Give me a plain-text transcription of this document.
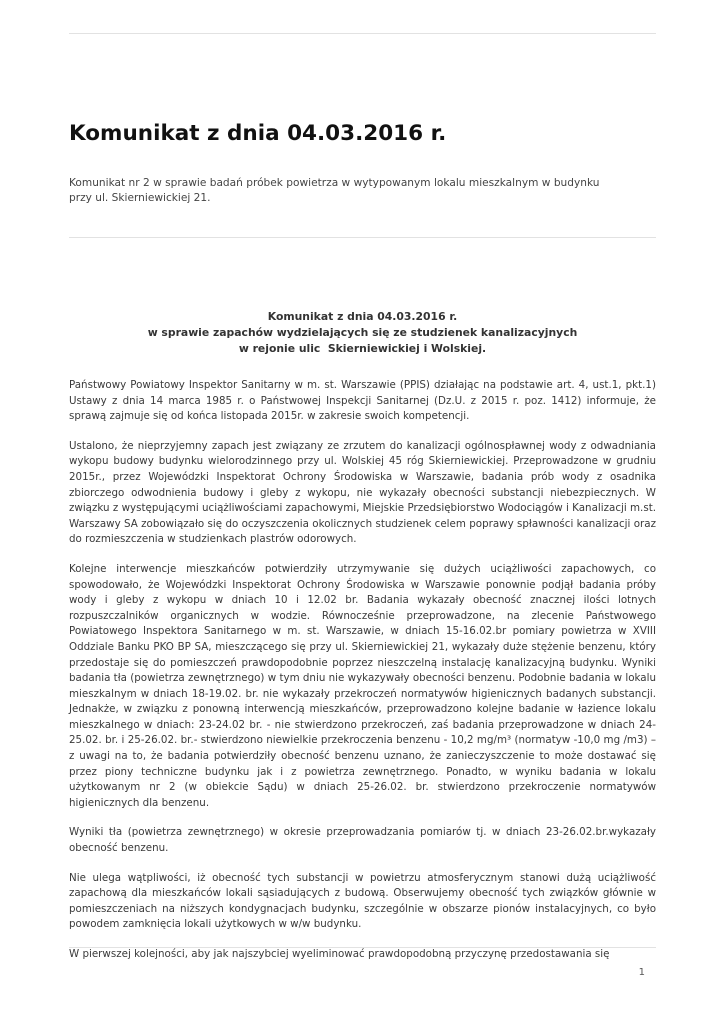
Komunikat z dnia 04.03.2016 r.

Komunikat nr 2 w sprawie badań próbek powietrza w wytypowanym lokalu mieszkalnym w budynku przy ul. Skierniewickiej 21.

Komunikat z dnia 04.03.2016 r.
w sprawie zapachów wydzielających się ze studzienek kanalizacyjnych
w rejonie ulic  Skierniewickiej i Wolskiej.

Państwowy Powiatowy Inspektor Sanitarny w m. st. Warszawie (PPIS) działając na podstawie art. 4, ust.1, pkt.1) Ustawy z dnia 14 marca 1985 r. o Państwowej Inspekcji Sanitarnej (Dz.U. z 2015 r. poz. 1412) informuje, że sprawą zajmuje się od końca listopada 2015r. w zakresie swoich kompetencji.

Ustalono, że nieprzyjemny zapach jest związany ze zrzutem do kanalizacji ogólnospławnej wody z odwadniania wykopu budowy budynku wielorodzinnego przy ul. Wolskiej 45 róg Skierniewickiej. Przeprowadzone w grudniu 2015r., przez Wojewódzki Inspektorat Ochrony Środowiska w Warszawie, badania prób wody z osadnika zbiorczego odwodnienia budowy i gleby z wykopu, nie wykazały obecności substancji niebezpiecznych. W związku z występującymi uciążliwościami zapachowymi, Miejskie Przedsiębiorstwo Wodociągów i Kanalizacji m.st. Warszawy SA zobowiązało się do oczyszczenia okolicznych studzienek celem poprawy spławności kanalizacji oraz do rozmieszczenia w studzienkach plastrów odorowych.

Kolejne interwencje mieszkańców potwierdziły utrzymywanie się dużych uciążliwości zapachowych, co spowodowało, że Wojewódzki Inspektorat Ochrony Środowiska w Warszawie ponownie podjął badania próby wody i gleby z wykopu w dniach 10 i 12.02 br. Badania wykazały obecność znacznej ilości lotnych rozpuszczalników organicznych w wodzie. Równocześnie przeprowadzone, na zlecenie Państwowego Powiatowego Inspektora Sanitarnego w m. st. Warszawie, w dniach 15-16.02.br pomiary powietrza w XVIII Oddziale Banku PKO BP SA, mieszczącego się przy ul. Skierniewickiej 21, wykazały duże stężenie benzenu, który przedostaje się do pomieszczeń prawdopodobnie poprzez nieszczelną instalację kanalizacyjną budynku. Wyniki badania tła (powietrza zewnętrznego) w tym dniu nie wykazywały obecności benzenu. Podobnie badania w lokalu mieszkalnym w dniach 18-19.02. br. nie wykazały przekroczeń normatywów higienicznych badanych substancji. Jednakże, w związku z ponowną interwencją mieszkańców, przeprowadzono kolejne badanie w łazience lokalu mieszkalnego w dniach: 23-24.02 br. - nie stwierdzono przekroczeń, zaś badania przeprowadzone w dniach 24-25.02. br. i 25-26.02. br.- stwierdzono niewielkie przekroczenia benzenu - 10,2 mg/m³ (normatyw -10,0 mg /m3) – z uwagi na to, że badania potwierdziły obecność benzenu uznano, że zanieczyszczenie to może dostawać się przez piony techniczne budynku jak i z powietrza zewnętrznego. Ponadto, w wyniku badania w lokalu użytkowanym nr 2 (w obiekcie Sądu) w dniach 25-26.02. br. stwierdzono przekroczenie normatywów higienicznych dla benzenu.

Wyniki tła (powietrza zewnętrznego) w okresie przeprowadzania pomiarów tj. w dniach 23-26.02.br.wykazały obecność benzenu.

Nie ulega wątpliwości, iż obecność tych substancji w powietrzu atmosferycznym stanowi dużą uciążliwość zapachową dla mieszkańców lokali sąsiadujących z budową. Obserwujemy obecność tych związków głównie w pomieszczeniach na niższych kondygnacjach budynku, szczególnie w obszarze pionów instalacyjnych, co było powodem zamknięcia lokali użytkowych w w/w budynku.

W pierwszej kolejności, aby jak najszybciej wyeliminować prawdopodobną przyczynę przedostawania się

1
